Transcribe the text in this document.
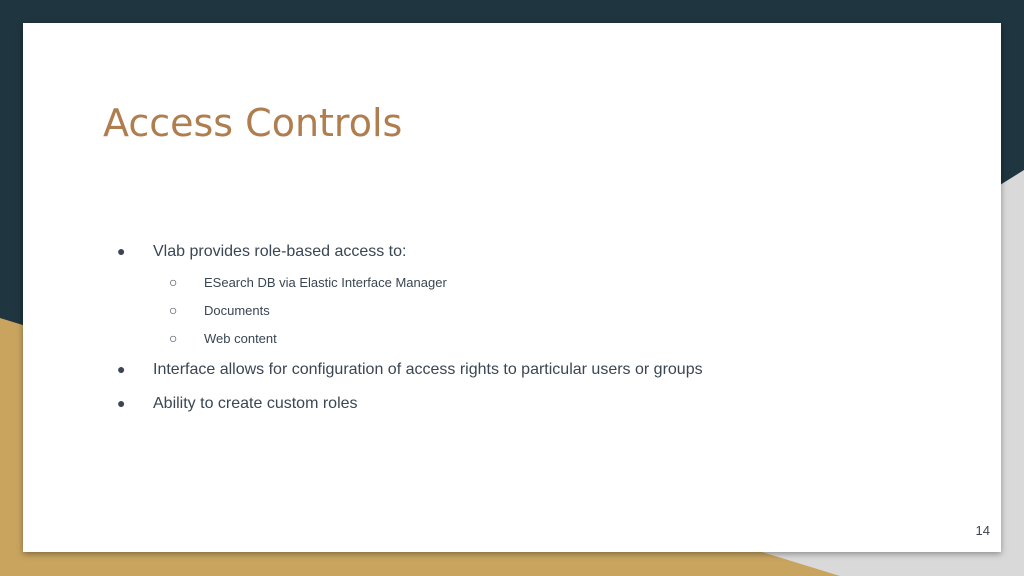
Access Controls
● Vlab provides role-based access to:
○ ESearch DB via Elastic Interface Manager
○ Documents
○ Web content
● Interface allows for configuration of access rights to particular users or groups
● Ability to create custom roles
14
